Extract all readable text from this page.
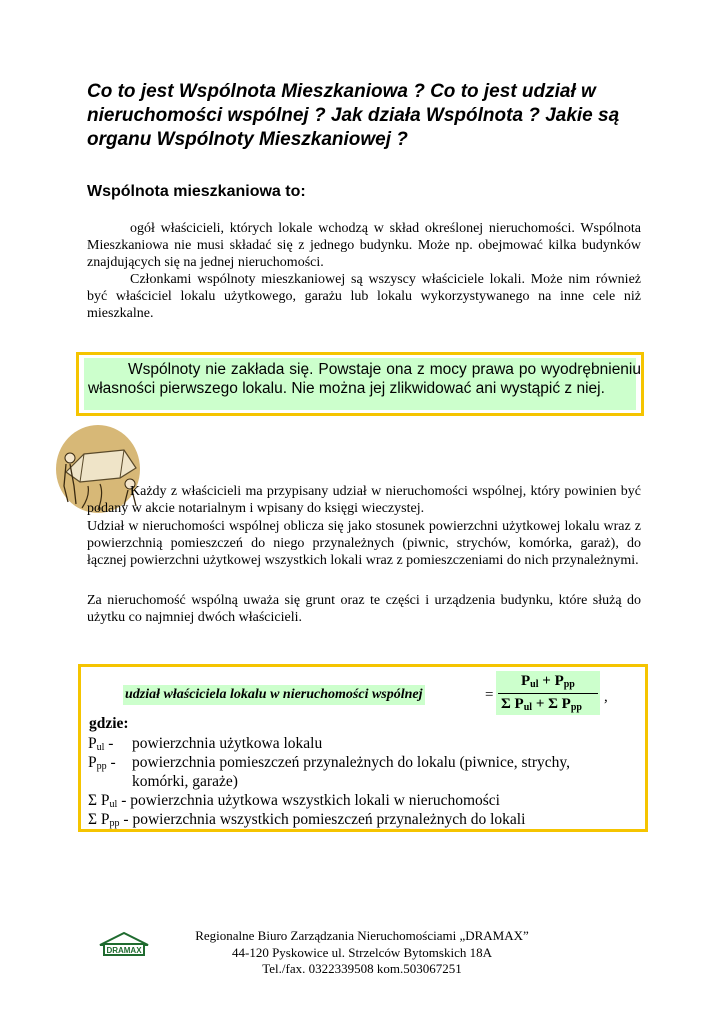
Co to jest Wspólnota Mieszkaniowa ? Co to jest udział w nieruchomości wspólnej ? Jak działa Wspólnota ? Jakie są organu Wspólnoty Mieszkaniowej ?
Wspólnota mieszkaniowa to:

ogół właścicieli, których lokale wchodzą w skład określonej nieruchomości. Wspólnota Mieszkaniowa nie musi składać się z jednego budynku. Może np. obejmować kilka budynków znajdujących się na jednej nieruchomości.

Członkami wspólnoty mieszkaniowej są wszyscy właściciele lokali. Może nim również być właściciel lokalu użytkowego, garażu lub lokalu wykorzystywanego na inne cele niż mieszkalne.

Wspólnoty nie zakłada się. Powstaje ona z mocy prawa po wyodrębnieniu własności pierwszego lokalu. Nie można jej zlikwidować ani wystąpić z niej.

Każdy z właścicieli ma przypisany udział w nieruchomości wspólnej, który powinien być podany w akcie notarialnym i wpisany do księgi wieczystej.

Udział w nieruchomości wspólnej oblicza się jako stosunek powierzchni użytkowej lokalu wraz z powierzchnią pomieszczeń do niego przynależnych (piwnic, strychów, komórka, garaż), do łącznej powierzchni użytkowej wszystkich lokali wraz z pomieszczeniami do nich przynależnymi.

Za nieruchomość wspólną uważa się grunt oraz te części i urządzenia budynku, które służą do użytku co najmniej dwóch właścicieli.

udział właściciela lokalu w nieruchomości wspólnej	=
$P_{ul} + P_{pp}$
Σ $P_{ul} + \Sigma$ $P_{pp}$
,
gdzie:
$P_{ul}$ - powierzchnia użytkowa lokalu
$P_{pp}$ - powierzchnia pomieszczeń przynależnych do lokalu (piwnice, strychy,
komórki, garaże)
Σ $P_{ul}$ - powierzchnia użytkowa wszystkich lokali w nieruchomości
Σ $P_{pp}$ - powierzchnia wszystkich pomieszczeń przynależnych do lokali
DRAMAX
Regionalne Biuro Zarządzania Nieruchomościami „DRAMAX”
44-120 Pyskowice ul. Strzelców Bytomskich 18A
Tel./fax. 0322339508 kom.503067251
